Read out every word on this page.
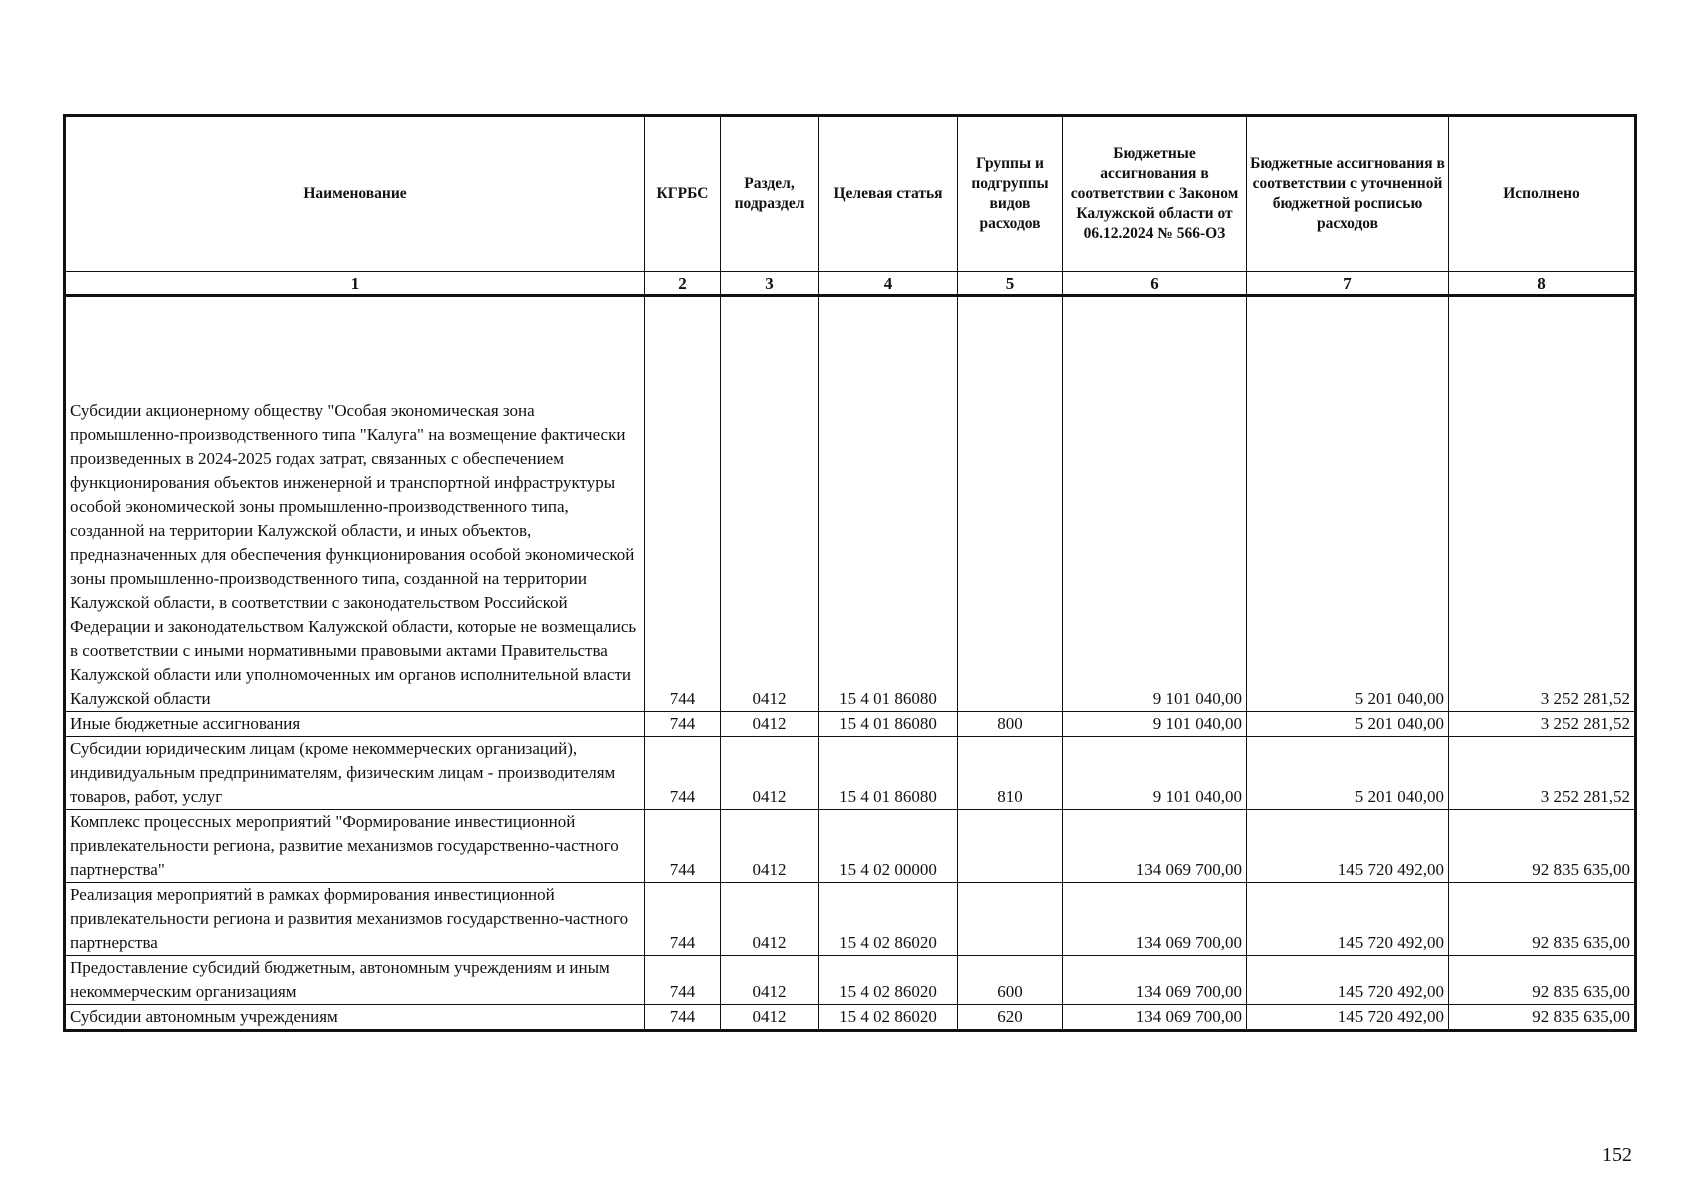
Наименование	КГРБС	Раздел, подраздел	Целевая статья	Группы и подгруппы видов расходов	Бюджетные ассигнования в соответствии с Законом Калужской области от 06.12.2024 № 566-ОЗ	Бюджетные ассигнования в соответствии с уточненной бюджетной росписью расходов	Исполнено
1	2	3	4	5	6	7	8
Субсидии акционерному обществу "Особая экономическая зона промышленно-производственного типа "Калуга" на возмещение фактически произведенных в 2024-2025 годах затрат, связанных с обеспечением функционирования объектов инженерной и транспортной инфраструктуры особой экономической зоны промышленно-производственного типа, созданной на территории Калужской области, и иных объектов, предназначенных для обеспечения функционирования особой экономической зоны промышленно-производственного типа, созданной на территории Калужской области, в соответствии с законодательством Российской Федерации и законодательством Калужской области, которые не возмещались в соответствии с иными нормативными правовыми актами Правительства Калужской области или уполномоченных им органов исполнительной власти Калужской области	744	0412	15 4 01 86080		9 101 040,00	5 201 040,00	3 252 281,52
Иные бюджетные ассигнования	744	0412	15 4 01 86080	800	9 101 040,00	5 201 040,00	3 252 281,52
Субсидии юридическим лицам (кроме некоммерческих организаций), индивидуальным предпринимателям, физическим лицам - производителям товаров, работ, услуг	744	0412	15 4 01 86080	810	9 101 040,00	5 201 040,00	3 252 281,52
Комплекс процессных мероприятий "Формирование инвестиционной привлекательности региона, развитие механизмов государственно-частного партнерства"	744	0412	15 4 02 00000		134 069 700,00	145 720 492,00	92 835 635,00
Реализация мероприятий в рамках формирования инвестиционной привлекательности региона и развития механизмов государственно-частного партнерства	744	0412	15 4 02 86020		134 069 700,00	145 720 492,00	92 835 635,00
Предоставление субсидий бюджетным, автономным учреждениям и иным некоммерческим организациям	744	0412	15 4 02 86020	600	134 069 700,00	145 720 492,00	92 835 635,00
Субсидии автономным учреждениям	744	0412	15 4 02 86020	620	134 069 700,00	145 720 492,00	92 835 635,00
152
